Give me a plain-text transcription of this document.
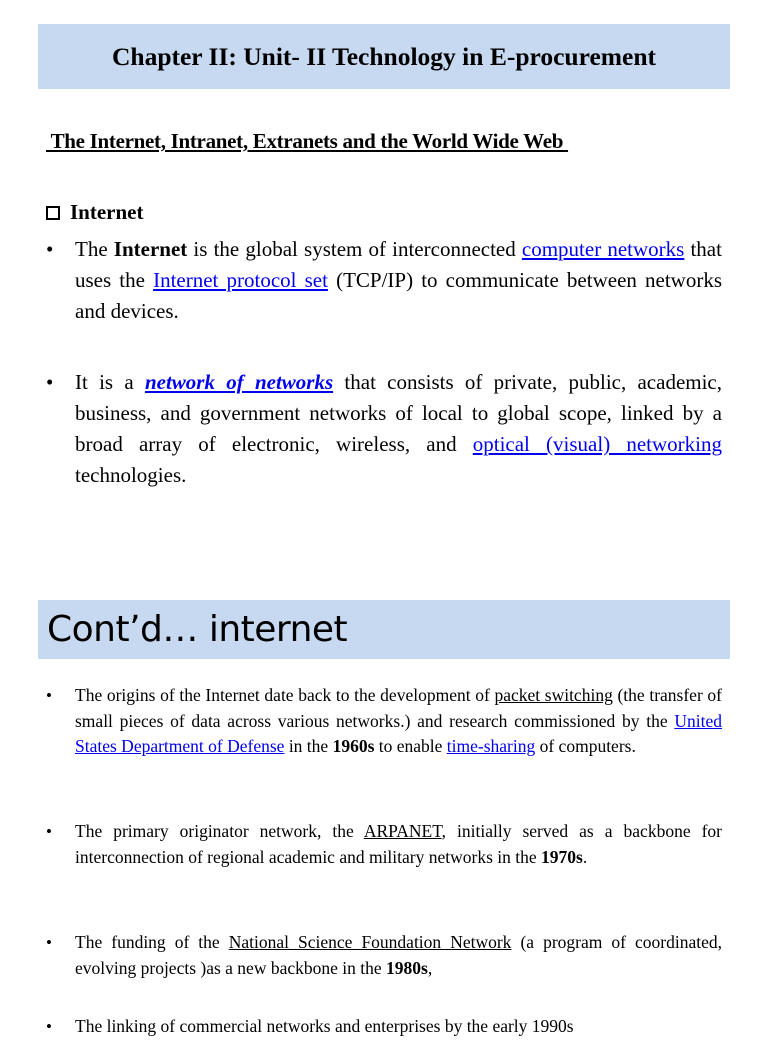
Chapter II: Unit- II Technology in E-procurement
The Internet, Intranet, Extranets and the World Wide Web
Internet
•
The Internet is the global system of interconnected computer networks that uses the Internet protocol set (TCP/IP) to communicate between networks and devices.
•
It is a network of networks that consists of private, public, academic, business, and government networks of local to global scope, linked by a broad array of electronic, wireless, and optical (visual) networking technologies.
Cont’d… internet
•
The origins of the Internet date back to the development of packet switching (the transfer of small pieces of data across various networks.) and research commissioned by the United States Department of Defense in the 1960s to enable time-sharing of computers.
•
The primary originator network, the ARPANET, initially served as a backbone for interconnection of regional academic and military networks in the 1970s.
•
The funding of the National Science Foundation Network (a program of coordinated, evolving projects )as a new backbone in the 1980s,
•
The linking of commercial networks and enterprises by the early 1990s
